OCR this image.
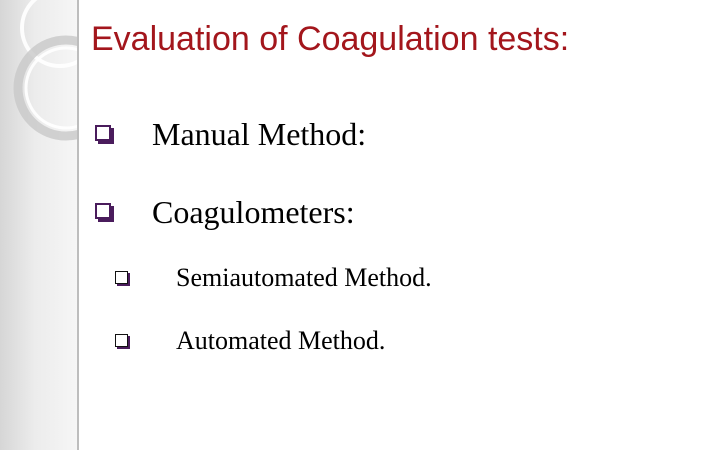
Evaluation of Coagulation tests:
Manual Method:
Coagulometers:
Semiautomated Method.
Automated Method.
